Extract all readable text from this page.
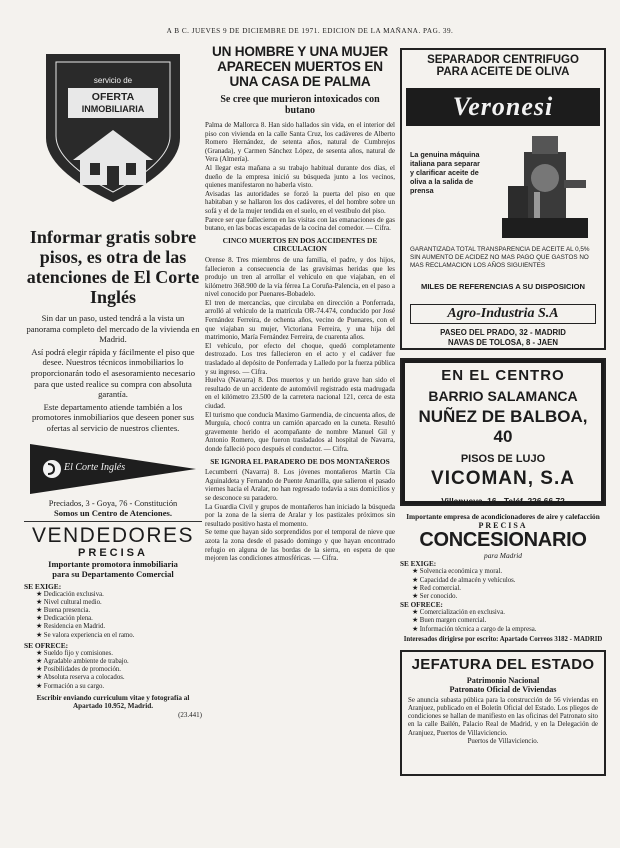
A B C. JUEVES 9 DE DICIEMBRE DE 1971. EDICION DE LA MAÑANA. PAG. 39.
servicio de
OFERTA
INMOBILIARIA
Informar gratis sobre pisos, es otra de las atenciones de El Corte Inglés
Sin dar un paso, usted tendrá a la vista un panorama completo del mercado de la vivienda en Madrid.
Así podrá elegir rápida y fácilmente el piso que desee. Nuestros técnicos inmobiliarios lo proporcionarán todo el asesoramiento necesario para que usted realice su compra con absoluta garantía.
Este departamento atiende también a los promotores inmobiliarios que deseen poner sus ofertas al servicio de nuestros clientes.
El Corte Inglés
Preciados, 3 - Goya, 76 - Constitución
Somos un Centro de Atenciones.
VENDEDORES
PRECISA
Importante promotora inmobiliaria
para su Departamento Comercial
SE EXIGE:
★ Dedicación exclusiva.
★ Nivel cultural medio.
★ Buena presencia.
★ Dedicación plena.
★ Residencia en Madrid.
★ Se valora experiencia en el ramo.
SE OFRECE:
★ Sueldo fijo y comisiones.
★ Agradable ambiente de trabajo.
★ Posibilidades de promoción.
★ Absoluta reserva a colocados.
★ Formación a su cargo.
Escribir enviando curriculum vitae y fotografía al Apartado 10.952, Madrid.
(23.441)
UN HOMBRE Y UNA MUJER APARECEN MUERTOS EN UNA CASA DE PALMA
Se cree que murieron intoxicados con butano
Palma de Mallorca 8. Han sido hallados sin vida, en el interior del piso con vivienda en la calle Santa Cruz, los cadáveres de Alberto Romero Hernández, de setenta años, natural de Cumbrejos (Granada), y Carmen Sánchez López, de sesenta años, natural de Vera (Almería).
Al llegar esta mañana a su trabajo habitual durante dos días, el dueño de la empresa inició su búsqueda junto a los vecinos, quienes manifestaron no haberla visto.
Avisadas las autoridades se forzó la puerta del piso en que habitaban y se hallaron los dos cadáveres, el del hombre sobre un sofá y el de la mujer tendida en el suelo, en el vestíbulo del piso.
Parece ser que fallecieron en las visitas con las emanaciones de gas butano, en las bocas escapadas de la cocina del comedor. — Cifra.
CINCO MUERTOS EN DOS ACCIDENTES DE CIRCULACION
Orense 8. Tres miembros de una familia, el padre, y dos hijos, fallecieron a consecuencia de las gravísimas heridas que les produjo un tren al arrollar el vehículo en que viajaban, en el kilómetro 368.900 de la vía férrea La Coruña-Palencia, en el paso a nivel conocido por Puenares-Bobadelo.
El tren de mercancías, que circulaba en dirección a Ponferrada, arrolló al vehículo de la matrícula OR-74.474, conducido por José Fernández Ferreira, de ochenta años, vecino de Puenares, con el que viajaban su mujer, Victoriana Ferreira, y una hija del matrimonio, María Fernández Ferreira, de cuarenta años.
El vehículo, por efecto del choque, quedó completamente destrozado. Los tres fallecieron en el acto y el cadáver fue trasladado al depósito de Ponferrada y Lalledo por la fuerza pública y su ingreso. — Cifra.
Huelva (Navarra) 8. Dos muertos y un herido grave han sido el resultado de un accidente de automóvil registrado esta madrugada en el kilómetro 23.500 de la carretera nacional 121, cerca de esta ciudad.
El turismo que conducía Maximo Garmendia, de cincuenta años, de Murguía, chocó contra un camión aparcado en la cuneta. Resultó gravemente herido el acompañante de nombre Manuel Gil y Antonio Romero, que fueron trasladados al hospital de Navarra, donde falleció poco después el conductor. — Cifra.
SE IGNORA EL PARADERO DE DOS MONTAÑEROS
Lecumberri (Navarra) 8. Los jóvenes montañeros Martín Cía Aguinaldeta y Fernando de Puente Amarilla, que salieron el pasado viernes hacia el Aralar, no han regresado todavía a sus domicilios y se desconoce su paradero.
La Guardia Civil y grupos de montañeros han iniciado la búsqueda por la zona de la sierra de Aralar y los pastizales próximos sin resultado positivo hasta el momento.
Se teme que hayan sido sorprendidos por el temporal de nieve que azota la zona desde el pasado domingo y que hayan encontrado refugio en alguna de las bordas de la sierra, en espera de que mejoren las condiciones atmosféricas. — Cifra.
SEPARADOR CENTRIFUGO
PARA ACEITE DE OLIVA
Veronesi
La genuina máquina italiana para separar y clarificar aceite de oliva a la salida de prensa
GARANTIZADA TOTAL TRANSPARENCIA DE ACEITE AL 0,5% SIN AUMENTO DE ACIDEZ NO MAS PAGO QUE GASTOS NO MAS RECLAMACION LOS AÑOS SIGUIENTES
MILES DE REFERENCIAS A SU DISPOSICION
Agro-Industria S.A
PASEO DEL PRADO, 32 - MADRID
NAVAS DE TOLOSA, 8 - JAEN
EN EL CENTRO
BARRIO SALAMANCA
NUÑEZ DE BALBOA, 40
PISOS DE LUJO
VICOMAN, S.A
Villanueva, 16 - Teléf. 226 66 72
Importante empresa de acondicionadores de aire y calefacción
PRECISA
CONCESIONARIO
para Madrid
SE EXIGE:
★ Solvencia económica y moral.
★ Capacidad de almacén y vehículos.
★ Red comercial.
★ Ser conocido.
SE OFRECE:
★ Comercialización en exclusiva.
★ Buen margen comercial.
★ Información técnica a cargo de la empresa.
Interesados dirigirse por escrito: Apartado Correos 3182 - MADRID
JEFATURA DEL ESTADO
Patrimonio Nacional
Patronato Oficial de Viviendas
Se anuncia subasta pública para la construcción de 56 viviendas en Aranjuez, publicado en el Boletín Oficial del Estado. Los pliegos de condiciones se hallan de manifiesto en las oficinas del Patronato sito en la calle Bailén, Palacio Real de Madrid, y en la Delegación de Aranjuez, Puertos de Villaviciencio.
Puertos de Villaviciencio.
